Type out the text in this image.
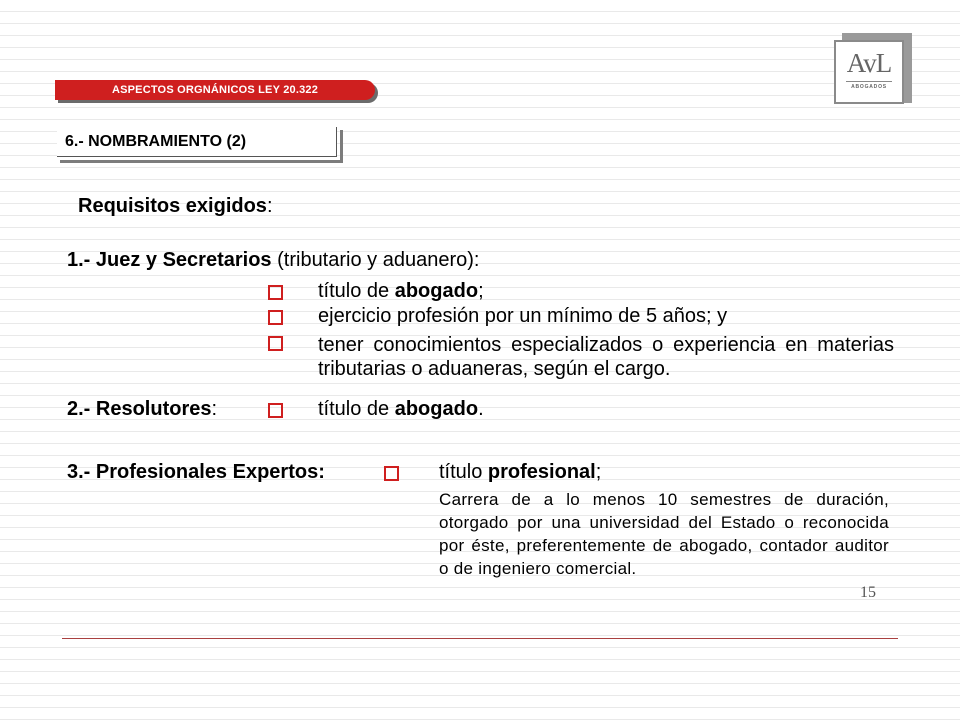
ASPECTOS ORGNÁNICOS LEY 20.322
6.- NOMBRAMIENTO (2)
AvL
ABOGADOS
Requisitos exigidos:
1.- Juez y Secretarios (tributario y aduanero):
título de abogado;
ejercicio profesión por un mínimo de 5 años; y
tener conocimientos especializados o experiencia en materias tributarias o aduaneras, según el cargo.
2.- Resolutores:	título de abogado.
3.- Profesionales Expertos:	título profesional;
Carrera de a lo menos 10 semestres de duración, otorgado por una universidad del Estado o reconocida por éste, preferentemente de abogado, contador auditor o de ingeniero comercial.
15
